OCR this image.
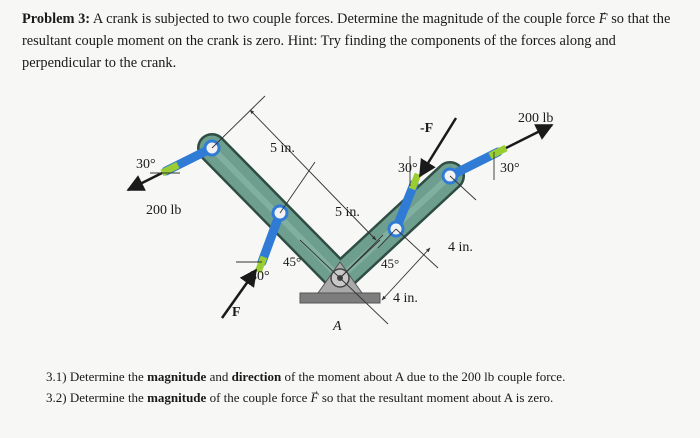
Problem 3: A crank is subjected to two couple forces. Determine the magnitude of the couple force → F so that the resultant couple moment on the crank is zero. Hint: Try finding the components of the forces along and perpendicular to the crank.
200 lb
200 lb
-F
F
5 in.
5 in.
4 in.
4 in.
30°	30°	30°
30°
45°	45°
A
3.1) Determine the magnitude and direction of the moment about A due to the 200 lb couple force.
3.2) Determine the magnitude of the couple force → F so that the resultant moment about A is zero.
